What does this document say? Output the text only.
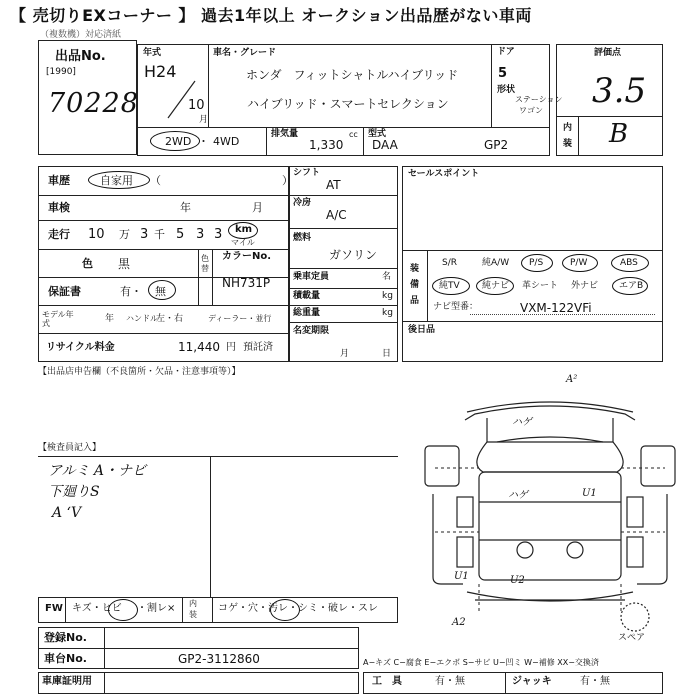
【 売切りEXコーナー 】 過去1年以上 オークション出品歴がない車両
（複数機）対応済紙
出品No.
[1990]
70228
年式
H24
10
月
車名・グレード
ホンダ　フィットシャトルハイブリッド
ハイブリッド・スマートセレクション
ドア
5
形状
ステーション
ワゴン
2WD ・ 4WD
排気量
1,330
cc 型式
DAA	GP2
評価点
3.5
内
装 B
車歴	自家用 （　　　　　　　　　　　）
車検	年	月
走行 10 万 3 千 5 3 3 km
マイル
色 黒	色替
カラーNo.
NH731P
保証書	有・ 無
モデル年式	年 ハンドル
左・右	ディーラー・並行
リサイクル料金	11,440 円 預託済
シフト
AT
冷房
A/C
燃料
ガソリン
乗車定員	名
積載量	kg
総重量	kg
名変期限
月	日
セールスポイント
装
備
品
S/R	純A/W P/S	P/W	ABS
純TV 純ナビ 革シート 外ナビ エアB
ナビ型番：	VXM-122VFi
後日品
【出品店申告欄（不良箇所・欠品・注意事項等）】
【検査員記入】
アルミ A・ナビ
下廻りS
A ‘V
A²
ハゲ
ハゲ	U1
U1	U2
A2
スペア
FW キズ・ヒビ ・割レ× 内
装
コゲ・穴・汚レ・シミ・破レ・スレ
登録No.
車台No.	GP2-3112860
車庫証明用
A−キズ C−腐食 E−エクボ S−サビ U−凹ミ W−補修 XX−交換済
工　具	有・無	ジャッキ	有・無
